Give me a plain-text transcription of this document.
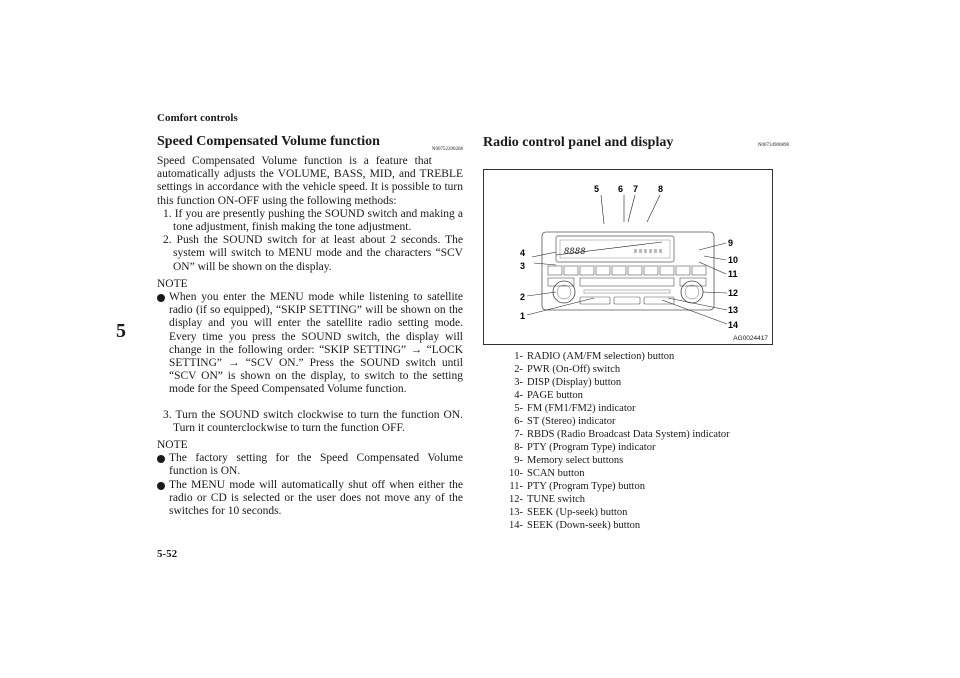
Comfort controls
5
Speed Compensated Volume function
N00752200268
Speed Compensated Volume function is a feature that automatically adjusts the VOLUME, BASS, MID, and TREBLE settings in accordance with the vehicle speed. It is possible to turn this function ON-OFF using the following methods:
1. If you are presently pushing the SOUND switch and making a tone adjustment, finish making the tone adjustment.
2. Push the SOUND switch for at least about 2 seconds. The system will switch to MENU mode and the characters “SCV ON” will be shown on the display.
NOTE
When you enter the MENU mode while listening to satellite radio (if so equipped), “SKIP SETTING” will be shown on the display and you will enter the satellite radio setting mode. Every time you press the SOUND switch, the display will change in the following order: “SKIP SETTING” → “LOCK SETTING” → “SCV ON.” Press the SOUND switch until “SCV ON” is shown on the display, to switch to the setting mode for the Speed Compensated Volume function.
3. Turn the SOUND switch clockwise to turn the function ON. Turn it counterclockwise to turn the function OFF.
NOTE
The factory setting for the Speed Compensated Volume function is ON.
The MENU mode will automatically shut off when either the radio or CD is selected or the user does not move any of the switches for 10 seconds.
Radio control panel and display	N00734900898
8888
5 6 7 8
9
4
3
10
11
2	12
13
1
14
AG0024417
1- RADIO (AM/FM selection) button
2- PWR (On-Off) switch
3- DISP (Display) button
4- PAGE button
5- FM (FM1/FM2) indicator
6- ST (Stereo) indicator
7- RBDS (Radio Broadcast Data System) indicator
8- PTY (Program Type) indicator
9- Memory select buttons
10- SCAN button
11- PTY (Program Type) button
12- TUNE switch
13- SEEK (Up-seek) button
14- SEEK (Down-seek) button
5-52
